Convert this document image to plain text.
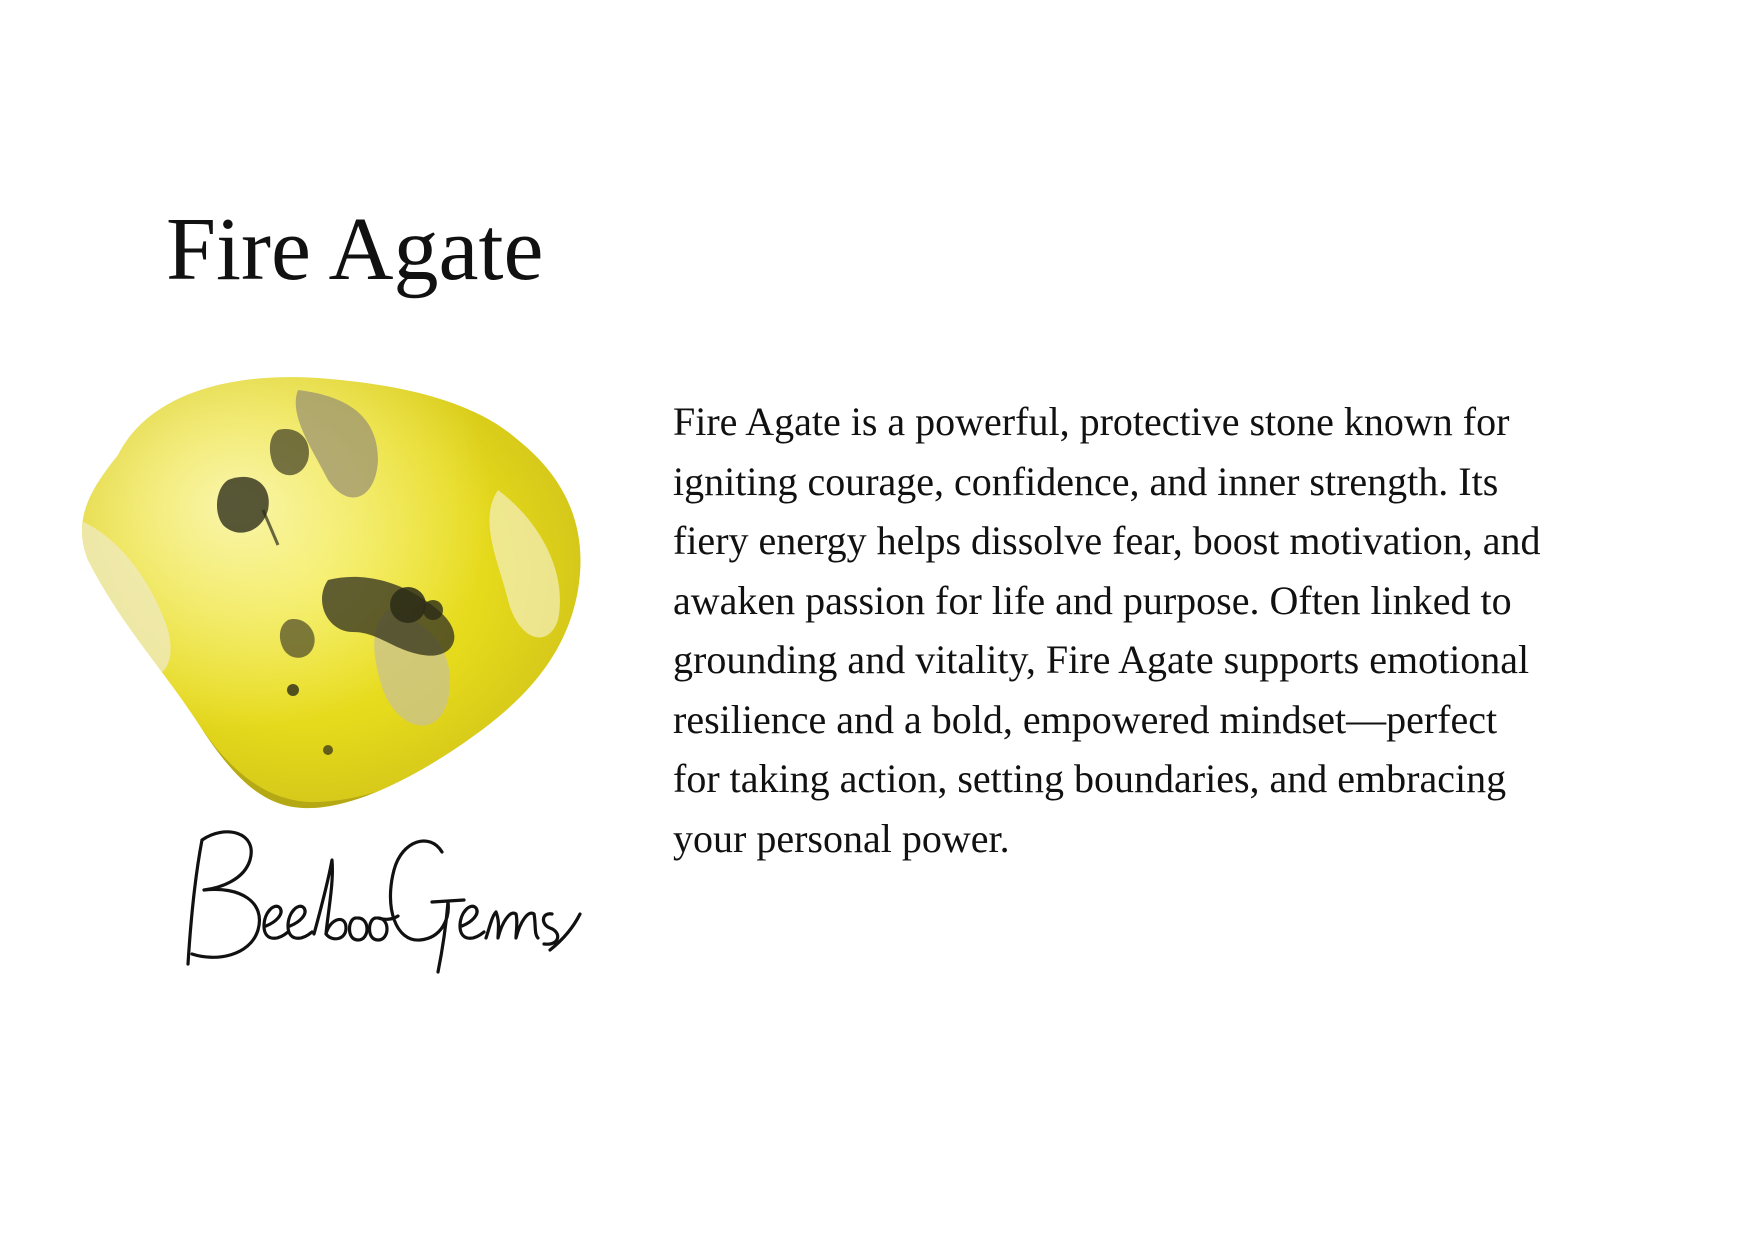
Fire Agate

Fire Agate is a powerful, protective stone known for
igniting courage, confidence, and inner strength. Its
fiery energy helps dissolve fear, boost motivation, and
awaken passion for life and purpose. Often linked to
grounding and vitality, Fire Agate supports emotional
resilience and a bold, empowered mindset—perfect
for taking action, setting boundaries, and embracing
your personal power.
